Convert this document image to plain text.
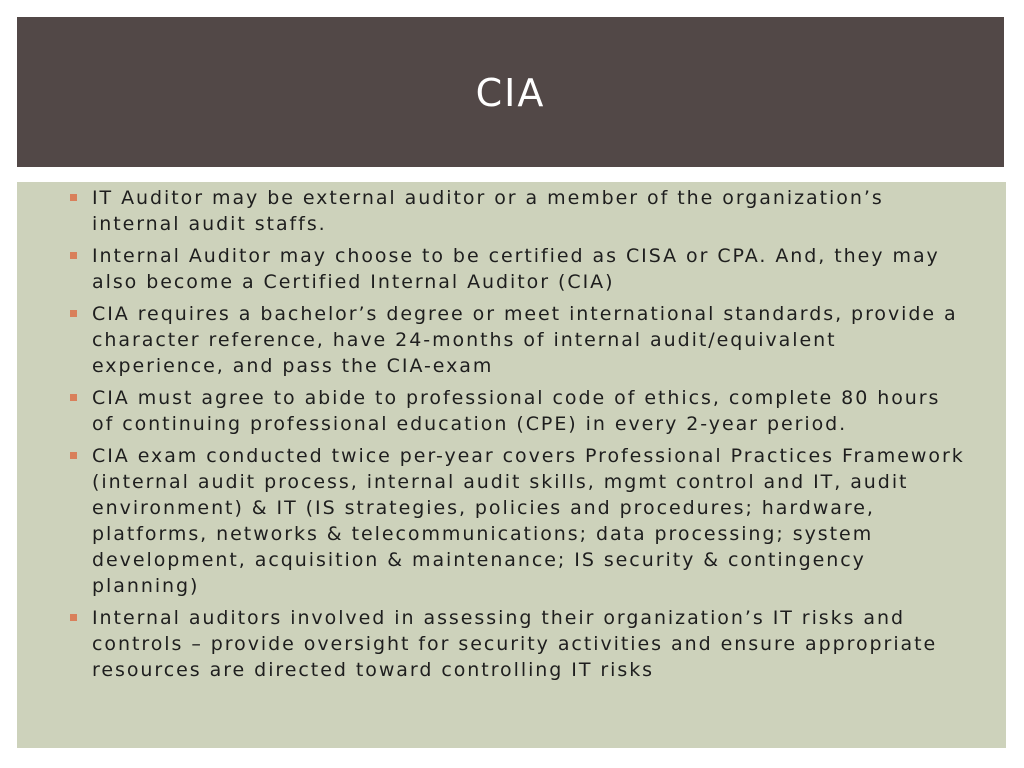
CIA
IT Auditor may be external auditor or a member of the organization’s internal audit staffs.
Internal Auditor may choose to be certified as CISA or CPA. And, they may also become a Certified Internal Auditor (CIA)
CIA requires a bachelor’s degree or meet international standards, provide a character reference, have 24-months of internal audit/equivalent experience, and pass the CIA-exam
CIA must agree to abide to professional code of ethics, complete 80 hours of continuing professional education (CPE) in every 2-year period.
CIA exam conducted twice per-year covers Professional Practices Framework (internal audit process, internal audit skills, mgmt control and IT, audit environment) & IT (IS strategies, policies and procedures; hardware, platforms, networks & telecommunications; data processing; system development, acquisition & maintenance; IS security & contingency planning)
Internal auditors involved in assessing their organization’s IT risks and controls – provide oversight for security activities and ensure appropriate resources are directed toward controlling IT risks
